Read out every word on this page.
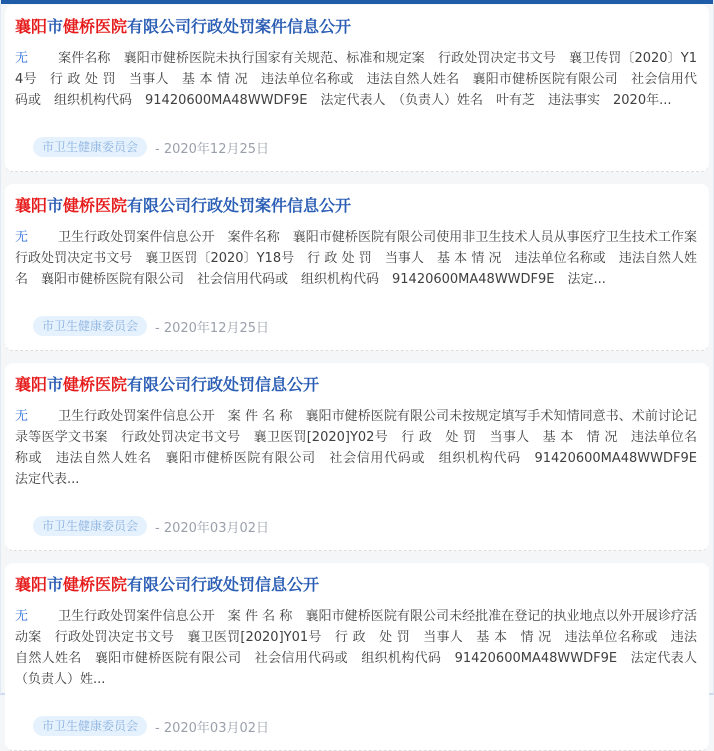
襄阳市健桥医院有限公司行政处罚案件信息公开

无 案件名称　襄阳市健桥医院未执行国家有关规范、标准和规定案　行政处罚决定书文号　襄卫传罚〔2020〕Y14号　行 政 处 罚　当事人　基 本 情 况　违法单位名称或　违法自然人姓名　襄阳市健桥医院有限公司　社会信用代码或　组织机构代码　91420600MA48WWDF9E　法定代表人　（负责人）姓名　叶有芝　违法事实　2020年...

市卫生健康委员会	- 2020年12月25日
襄阳市健桥医院有限公司行政处罚案件信息公开

无 卫生行政处罚案件信息公开　案件名称　襄阳市健桥医院有限公司使用非卫生技术人员从事医疗卫生技术工作案　行政处罚决定书文号　襄卫医罚〔2020〕Y18号　行 政 处 罚　当事人　基 本 情 况　违法单位名称或　违法自然人姓名　襄阳市健桥医院有限公司　社会信用代码或　组织机构代码　91420600MA48WWDF9E　法定...

市卫生健康委员会	- 2020年12月25日
襄阳市健桥医院有限公司行政处罚信息公开

无 卫生行政处罚案件信息公开　案 件 名 称　襄阳市健桥医院有限公司未按规定填写手术知情同意书、术前讨论记录等医学文书案　行政处罚决定书文号　襄卫医罚[2020]Y02号　行 政　处 罚　当事人　基 本　情 况　违法单位名称或　违法自然人姓名　襄阳市健桥医院有限公司　社会信用代码或　组织机构代码　91420600MA48WWDF9E　法定代表...

市卫生健康委员会	- 2020年03月02日
襄阳市健桥医院有限公司行政处罚信息公开

无 卫生行政处罚案件信息公开　案 件 名 称　襄阳市健桥医院有限公司未经批准在登记的执业地点以外开展诊疗活动案　行政处罚决定书文号　襄卫医罚[2020]Y01号　行 政　处 罚　当事人　基 本　情 况　违法单位名称或　违法自然人姓名　襄阳市健桥医院有限公司　社会信用代码或　组织机构代码　91420600MA48WWDF9E　法定代表人　（负责人）姓...

市卫生健康委员会	- 2020年03月02日
